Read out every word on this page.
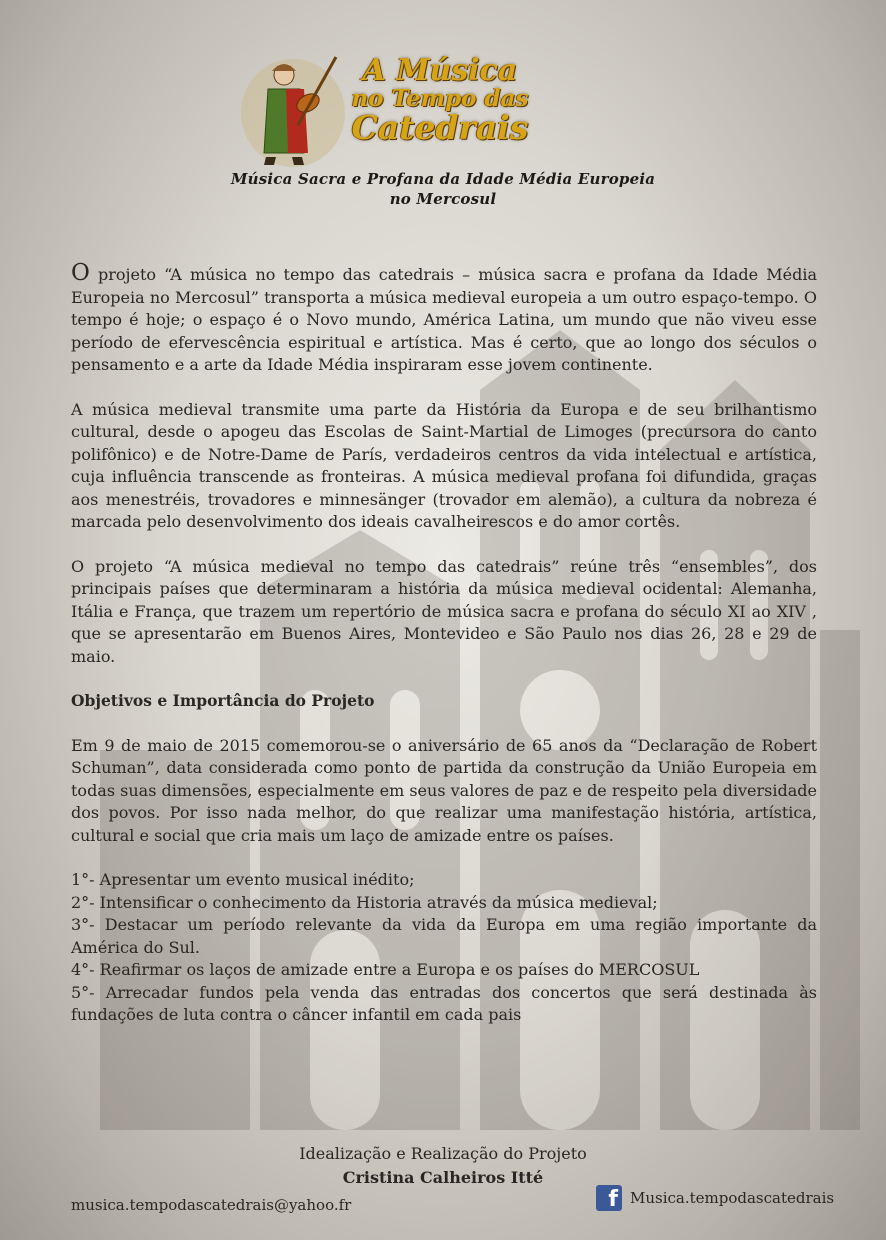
A Música
no Tempo das
Catedrais
Música Sacra e Profana da Idade Média Europeia
no Mercosul

O projeto “A música no tempo das catedrais – música sacra e profana da Idade Média Europeia no Mercosul” transporta a música medieval europeia a um outro espaço-tempo. O tempo é hoje; o espaço é o Novo mundo, América Latina, um mundo que não viveu esse período de efervescência espiritual e artística. Mas é certo, que ao longo dos séculos o pensamento e a arte da Idade Média inspiraram esse jovem continente.

A música medieval transmite uma parte da História da Europa e de seu brilhantismo cultural, desde o apogeu das Escolas de Saint-Martial de Limoges (precursora do canto polifônico) e de Notre-Dame de París, verdadeiros centros da vida intelectual e artística, cuja influência transcende as fronteiras. A música medieval profana foi difundida, graças aos menestréis, trovadores e minnesänger (trovador em alemão), a cultura da nobreza é marcada pelo desenvolvimento dos ideais cavalheirescos e do amor cortês.

O projeto “A música medieval no tempo das catedrais” reúne três “ensembles”, dos principais países que determinaram a história da música medieval ocidental: Alemanha, Itália e França, que trazem um repertório de música sacra e profana do século XI ao XIV , que se apresentarão em Buenos Aires, Montevideo e São Paulo nos dias 26, 28 e 29 de maio.

Objetivos e Importância do Projeto

Em 9 de maio de 2015 comemorou-se o aniversário de 65 anos da “Declaração de Robert Schuman”, data considerada como ponto de partida da construção da União Europeia em todas suas dimensões, especialmente em seus valores de paz e de respeito pela diversidade dos povos. Por isso nada melhor, do que realizar uma manifestação história, artística, cultural e social que cria mais um laço de amizade entre os países.

1°- Apresentar um evento musical inédito;
2°- Intensificar o conhecimento da Historia através da música medieval;
3°- Destacar um período relevante da vida da Europa em uma região importante da América do Sul.
4°- Reafirmar os laços de amizade entre a Europa e os países do MERCOSUL
5°- Arrecadar fundos pela venda das entradas dos concertos que será destinada às fundações de luta contra o câncer infantil em cada pais
Idealização e Realização do Projeto
Cristina Calheiros Itté
musica.tempodascatedrais@yahoo.fr	f Musica.tempodascatedrais
